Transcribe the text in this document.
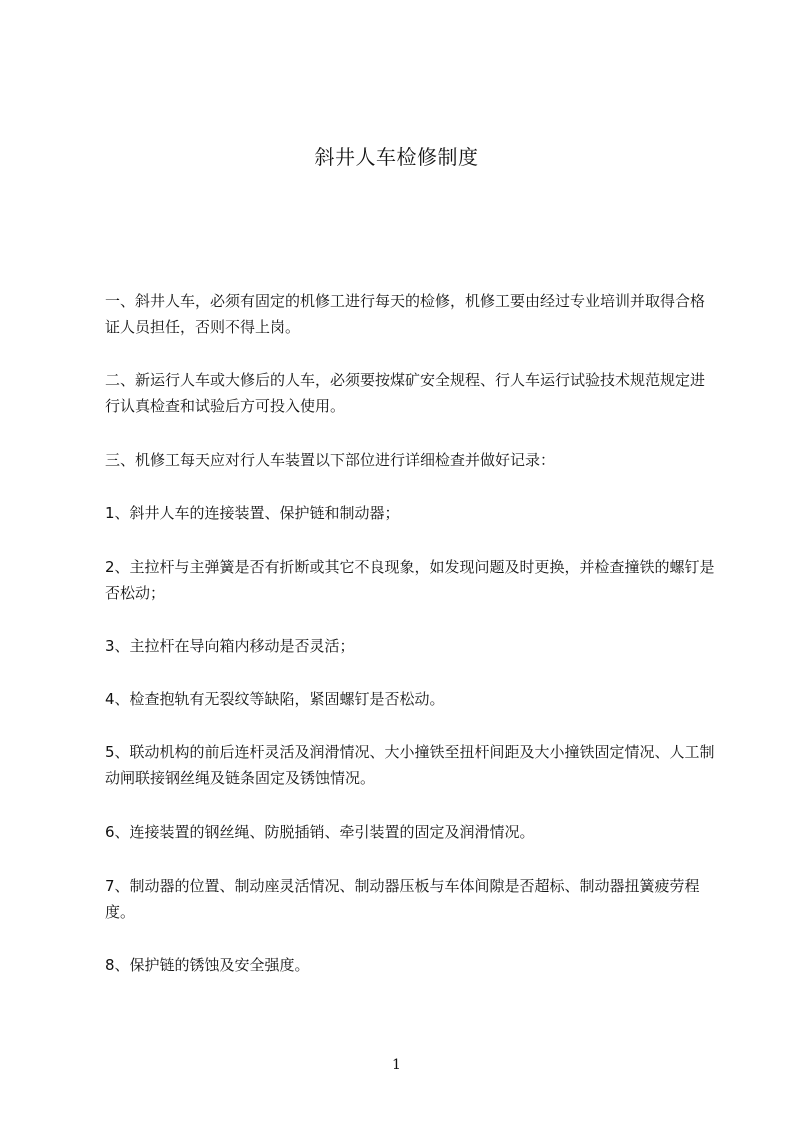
斜井人车检修制度

一、斜井人车，必须有固定的机修工进行每天的检修，机修工要由经过专业培训并取得合格证人员担任，否则不得上岗。

二、新运行人车或大修后的人车，必须要按煤矿安全规程、行人车运行试验技术规范规定进行认真检查和试验后方可投入使用。

三、机修工每天应对行人车装置以下部位进行详细检查并做好记录：

1、斜井人车的连接装置、保护链和制动器；

2、主拉杆与主弹簧是否有折断或其它不良现象，如发现问题及时更换，并检查撞铁的螺钉是否松动；

3、主拉杆在导向箱内移动是否灵活；

4、检查抱轨有无裂纹等缺陷，紧固螺钉是否松动。

5、联动机构的前后连杆灵活及润滑情况、大小撞铁至扭杆间距及大小撞铁固定情况、人工制动闸联接钢丝绳及链条固定及锈蚀情况。

6、连接装置的钢丝绳、防脱插销、牵引装置的固定及润滑情况。

7、制动器的位置、制动座灵活情况、制动器压板与车体间隙是否超标、制动器扭簧疲劳程度。

8、保护链的锈蚀及安全强度。

1
